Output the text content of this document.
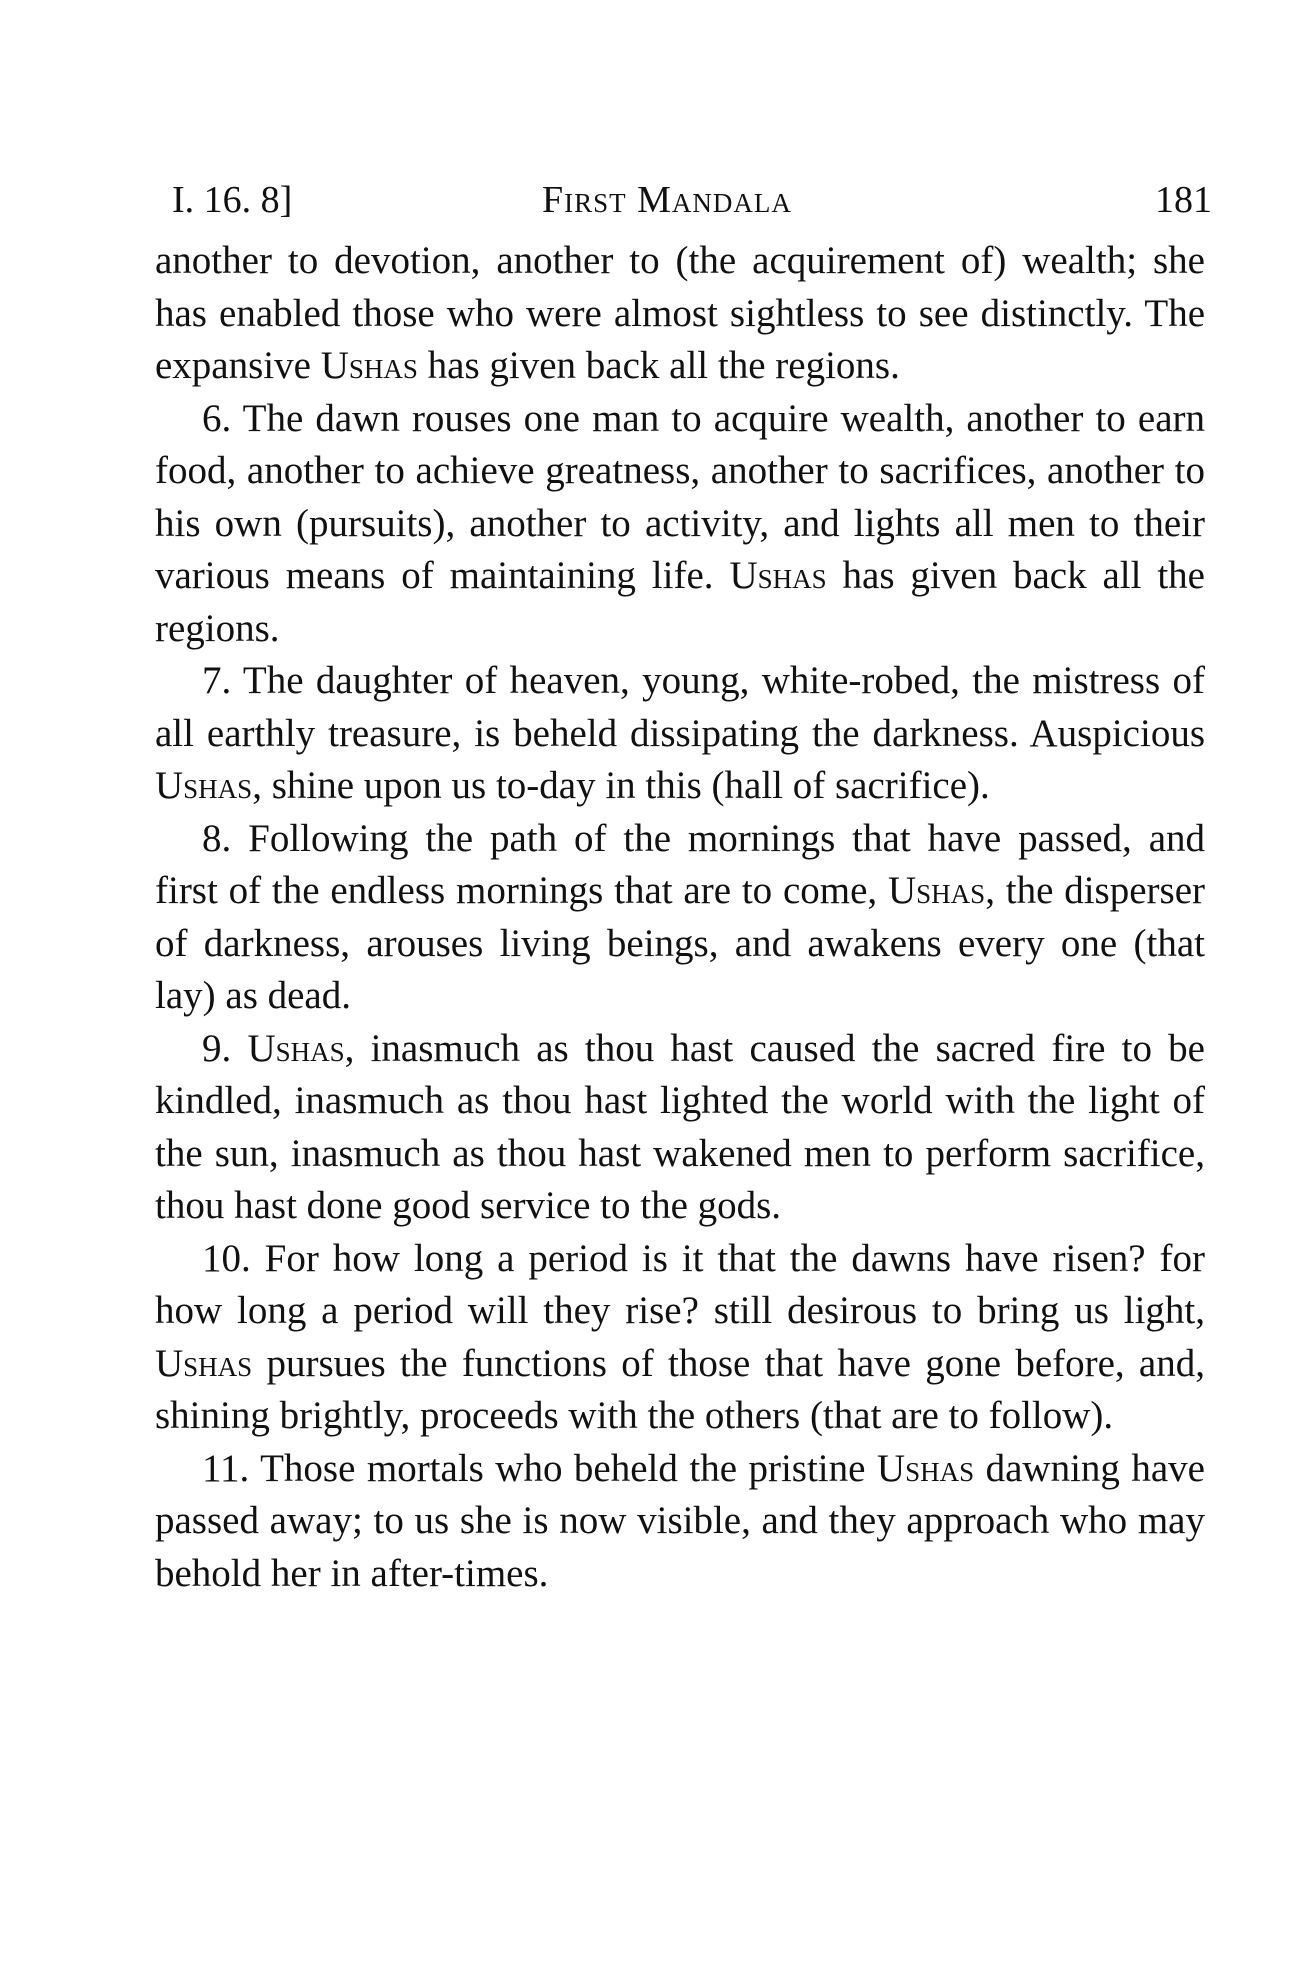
I. 16. 8]	First Mandala	181

another to devotion, another to (the acquirement of) wealth; she has enabled those who were almost sightless to see distinctly. The expansive Ushas has given back all the regions.

6. The dawn rouses one man to acquire wealth, another to earn food, another to achieve greatness, another to sacrifices, another to his own (pursuits), another to activity, and lights all men to their various means of maintaining life. Ushas has given back all the regions.

7. The daughter of heaven, young, white-robed, the mistress of all earthly treasure, is beheld dissipating the darkness. Auspicious Ushas, shine upon us to-day in this (hall of sacrifice).

8. Following the path of the mornings that have passed, and first of the endless mornings that are to come, Ushas, the disperser of darkness, arouses living beings, and awakens every one (that lay) as dead.

9. Ushas, inasmuch as thou hast caused the sacred fire to be kindled, inasmuch as thou hast lighted the world with the light of the sun, inasmuch as thou hast wakened men to perform sacrifice, thou hast done good service to the gods.

10. For how long a period is it that the dawns have risen? for how long a period will they rise? still desirous to bring us light, Ushas pursues the functions of those that have gone before, and, shining brightly, proceeds with the others (that are to follow).

11. Those mortals who beheld the pristine Ushas dawning have passed away; to us she is now visible, and they approach who may behold her in after-times.
